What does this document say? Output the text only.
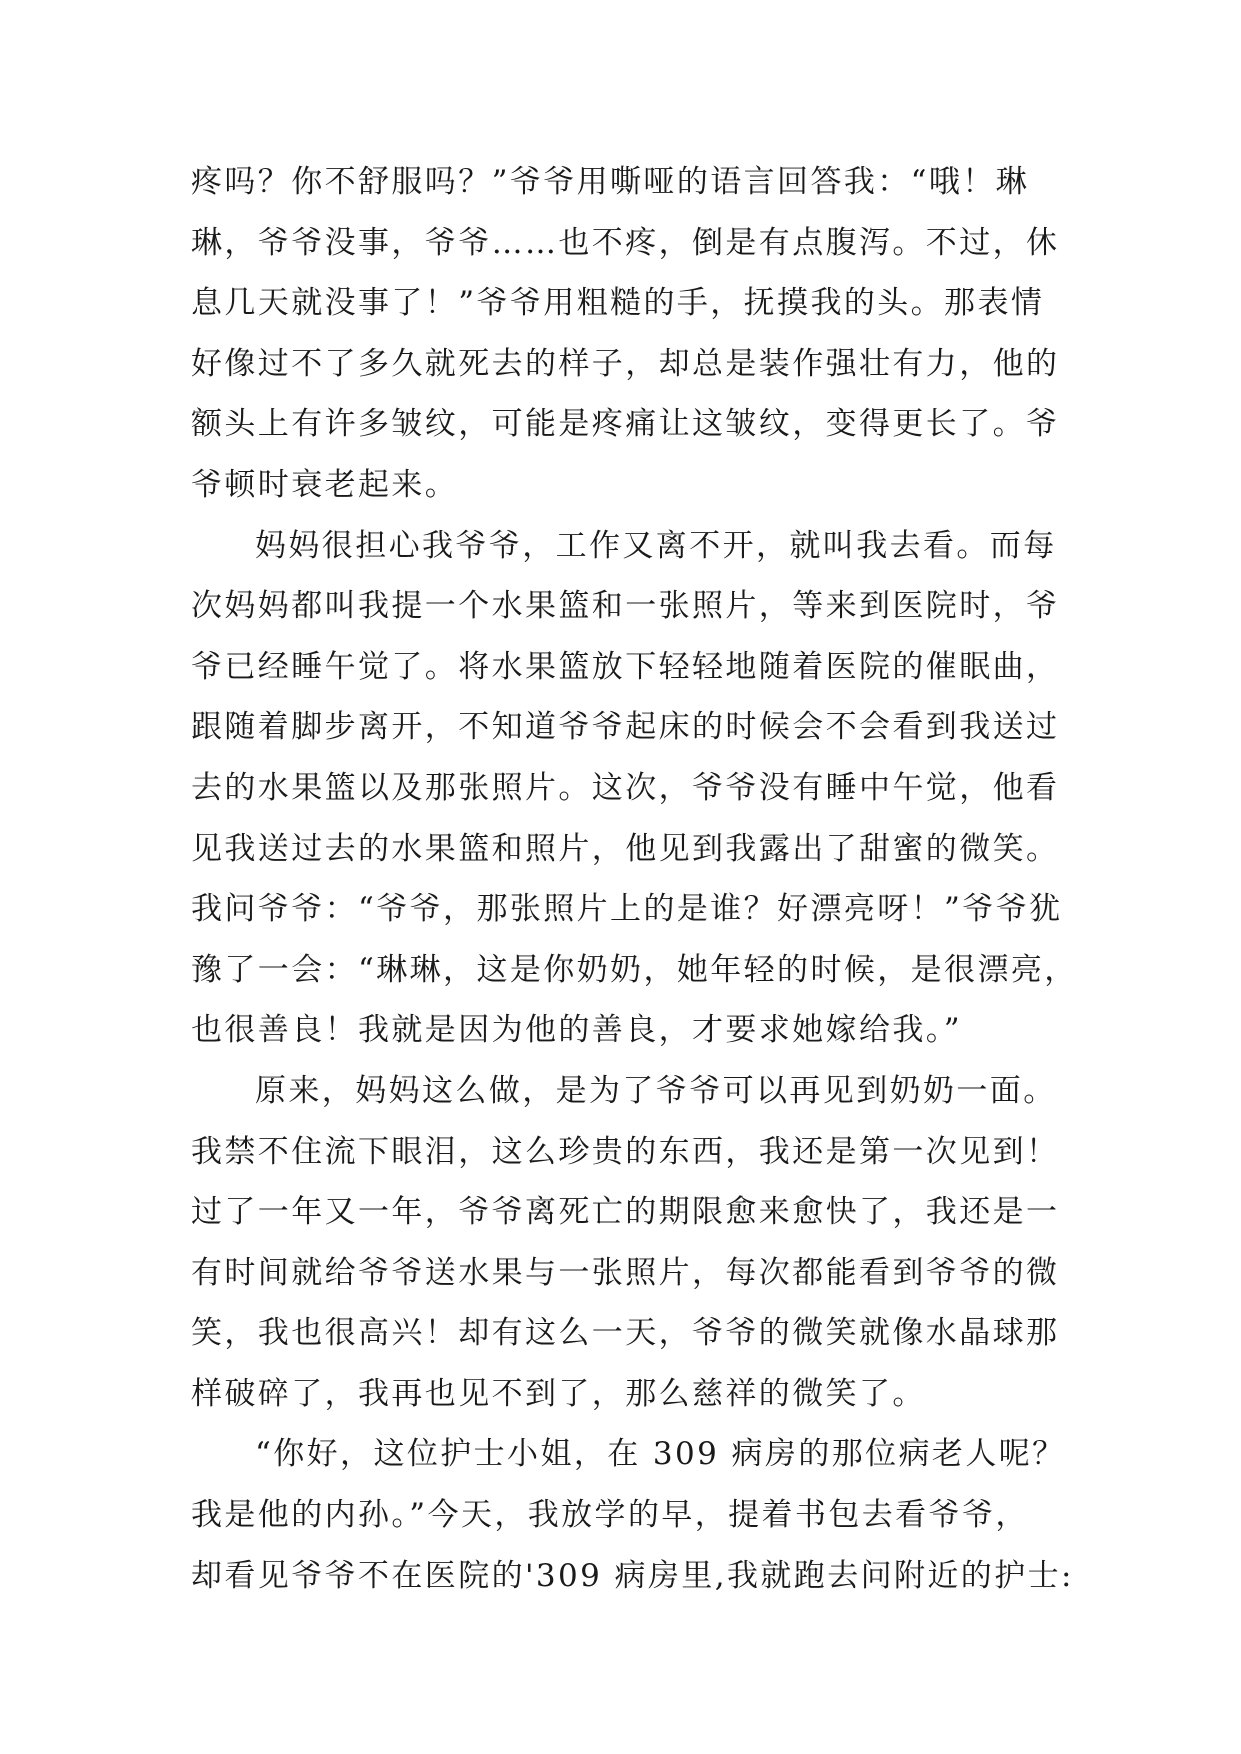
疼吗？你不舒服吗？”爷爷用嘶哑的语言回答我：“哦！琳
琳，爷爷没事，爷爷……也不疼，倒是有点腹泻。不过，休
息几天就没事了！”爷爷用粗糙的手，抚摸我的头。那表情
好像过不了多久就死去的样子，却总是装作强壮有力，他的
额头上有许多皱纹，可能是疼痛让这皱纹，变得更长了。爷
爷顿时衰老起来。
妈妈很担心我爷爷，工作又离不开，就叫我去看。而每
次妈妈都叫我提一个水果篮和一张照片，等来到医院时，爷
爷已经睡午觉了。将水果篮放下轻轻地随着医院的催眠曲，
跟随着脚步离开，不知道爷爷起床的时候会不会看到我送过
去的水果篮以及那张照片。这次，爷爷没有睡中午觉，他看
见我送过去的水果篮和照片，他见到我露出了甜蜜的微笑。
我问爷爷：“爷爷，那张照片上的是谁？好漂亮呀！”爷爷犹
豫了一会：“琳琳，这是你奶奶，她年轻的时候，是很漂亮，
也很善良！我就是因为他的善良，才要求她嫁给我。”
原来，妈妈这么做，是为了爷爷可以再见到奶奶一面。
我禁不住流下眼泪，这么珍贵的东西，我还是第一次见到！
过了一年又一年，爷爷离死亡的期限愈来愈快了，我还是一
有时间就给爷爷送水果与一张照片，每次都能看到爷爷的微
笑，我也很高兴！却有这么一天，爷爷的微笑就像水晶球那
样破碎了，我再也见不到了，那么慈祥的微笑了。
“你好，这位护士小姐，在 309 病房的那位病老人呢？
我是他的内孙。”今天，我放学的早，提着书包去看爷爷，
却看见爷爷不在医院的'309 病房里,我就跑去问附近的护士:
